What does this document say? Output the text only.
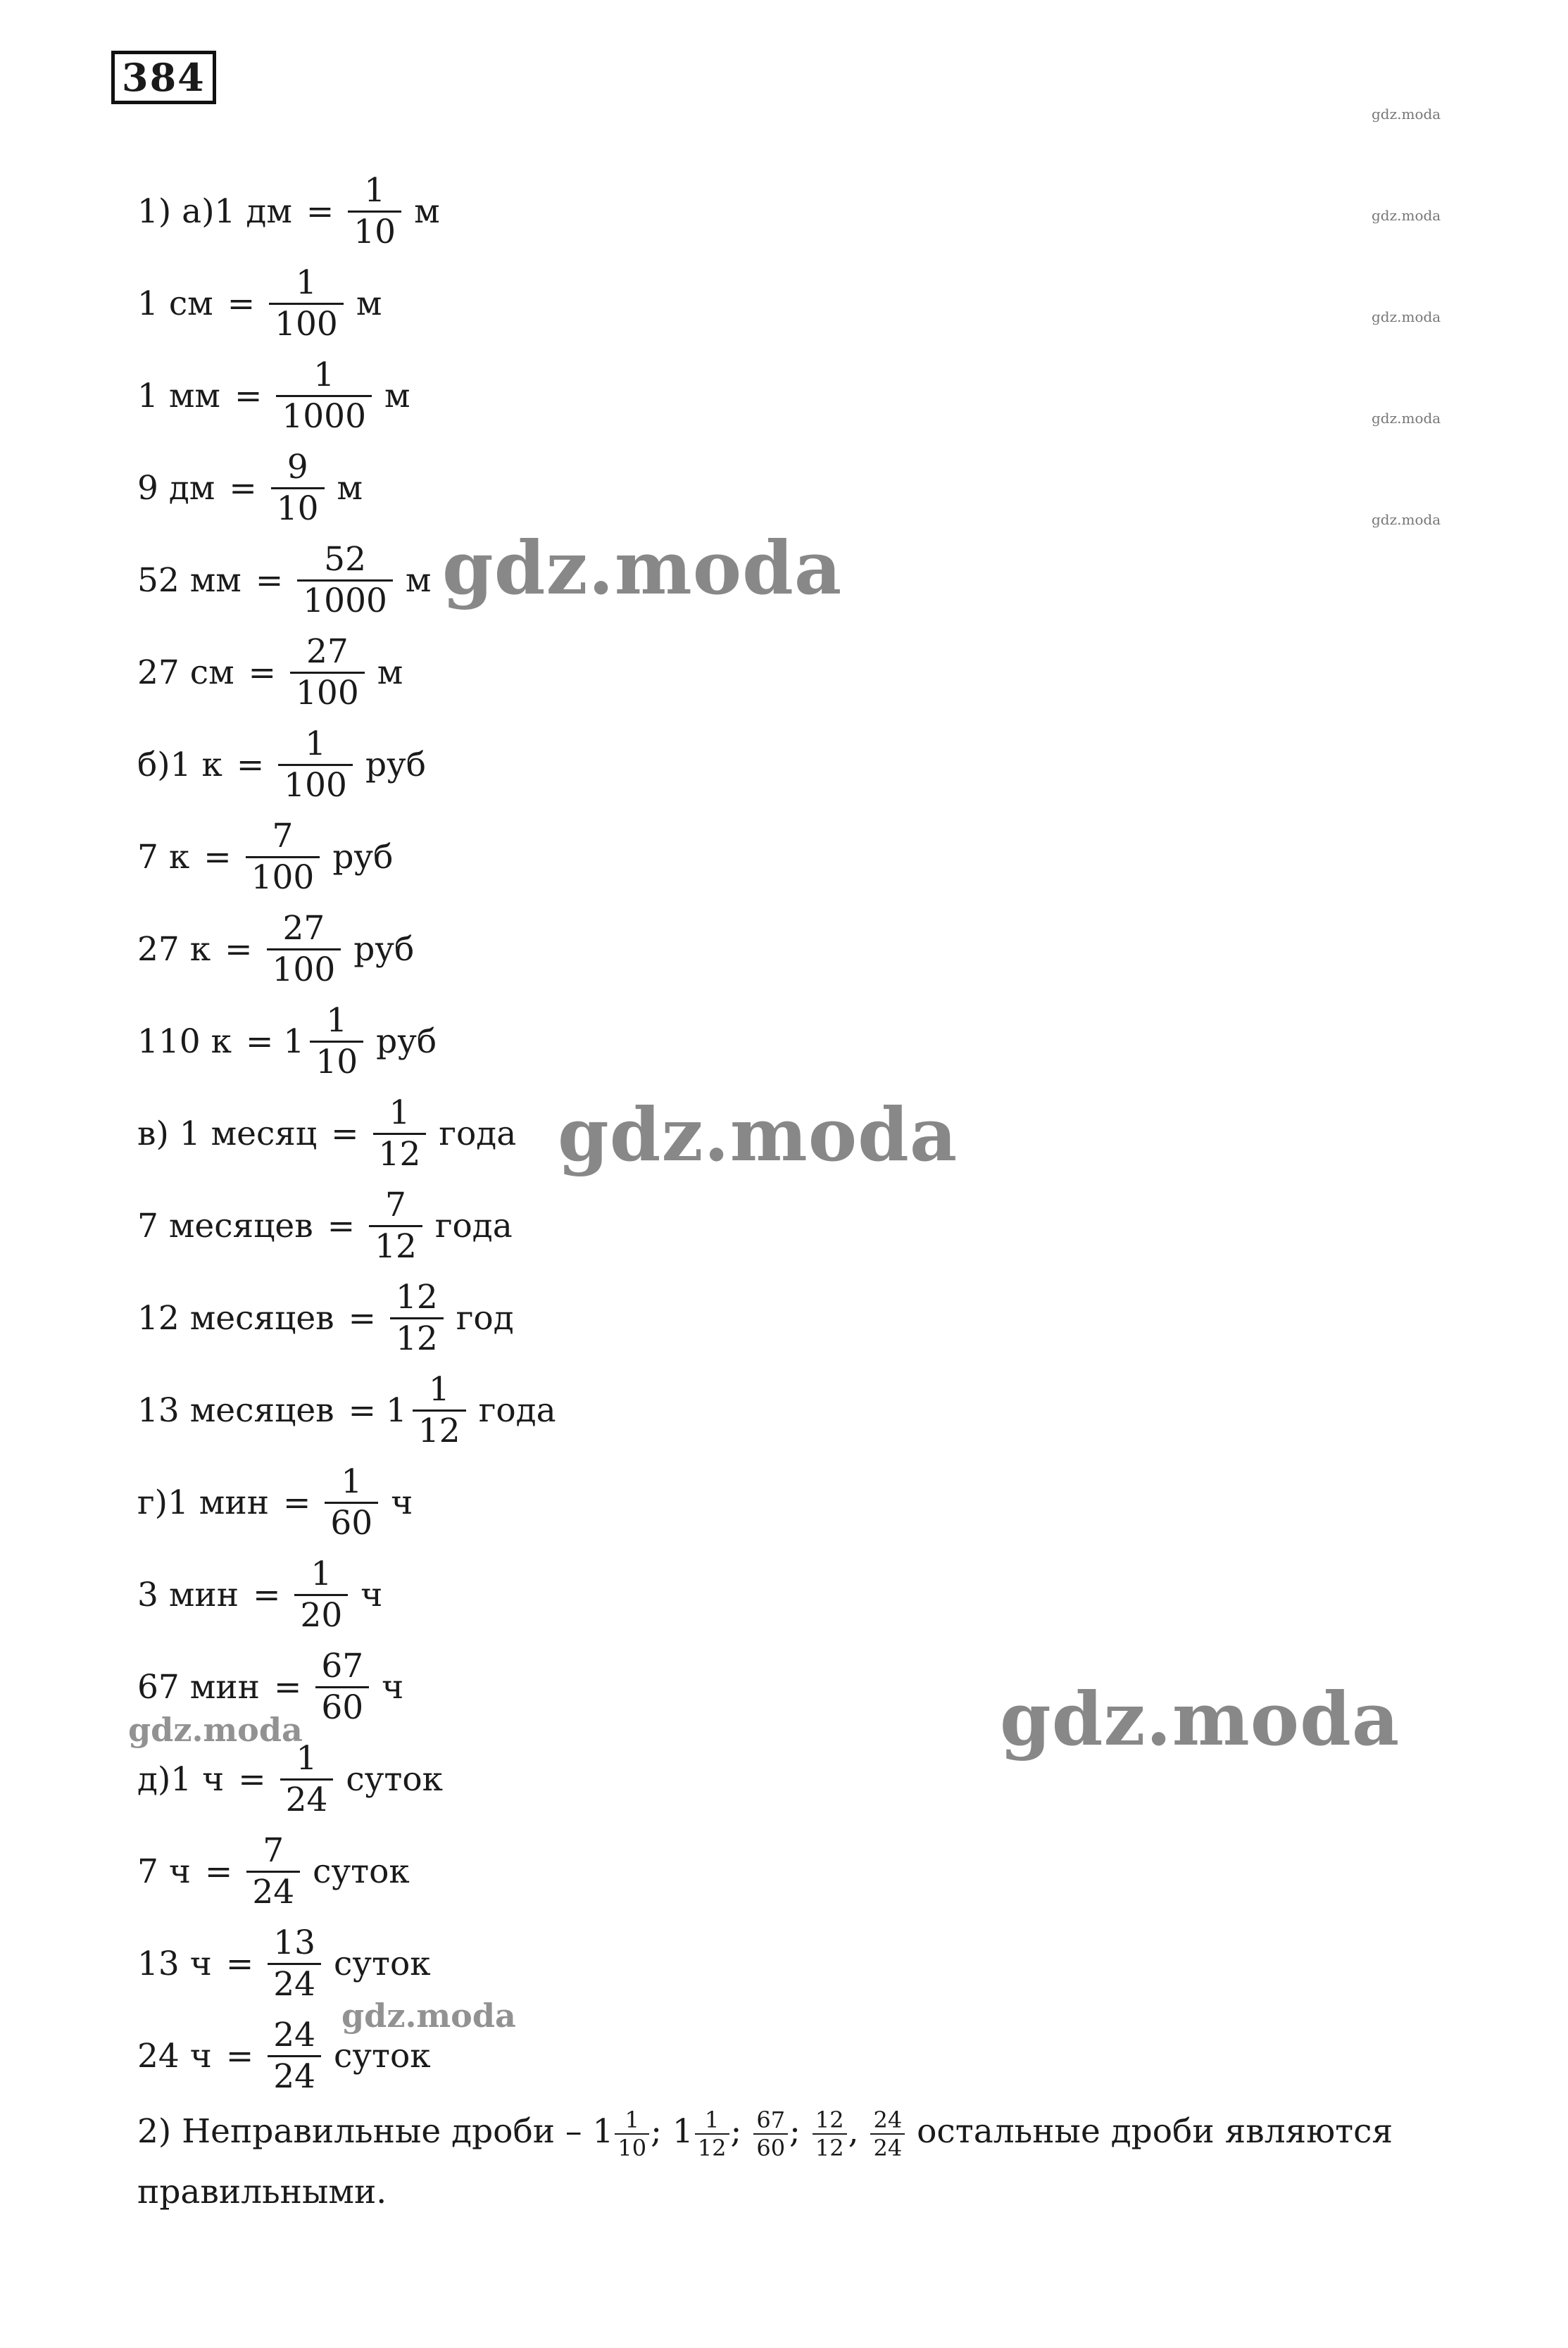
384
1) а)1 дм = $\frac{1}{10}$ м
1 см = $\frac{1}{100}$ м
1 мм = $\frac{1}{1000}$ м
9 дм = $\frac{9}{10}$ м
52 мм = $\frac{52}{1000}$ м
27 см = $\frac{27}{100}$ м
б)1 $к = \frac{1}{100}$ руб
7 $к = \frac{7}{100}$ руб
27 $к = \frac{27}{100}$ руб
110 $к = 1 \frac{1}{10}$ руб
в) 1 месяц = $\frac{1}{12}$ года
7 месяцев = $\frac{7}{12}$ года
12 месяцев = $\frac{12}{12}$ год
13 месяцев = $1 \frac{1}{12}$ года
г)1 мин = $\frac{1}{60}$ ч
3 мин = $\frac{1}{20}$ ч
67 мин = $\frac{67}{60}$ ч
д)1 $ч = \frac{1}{24}$ суток
7 $ч = \frac{7}{24}$ суток
13 $ч = \frac{13}{24}$ суток
24 $ч = \frac{24}{24}$ суток
2) Неправильные дроби – $1 \frac{1}{10}$ ; $1 \frac{1}{12}$ ; $\frac{67}{60}$ ; $\frac{12}{12}$ , $\frac{24}{24}$ остальные дроби являются правильными.
gdz.moda
gdz.moda
gdz.moda
gdz.moda
gdz.moda
gdz.moda
gdz.moda
gdz.moda
gdz.moda
gdz.moda
